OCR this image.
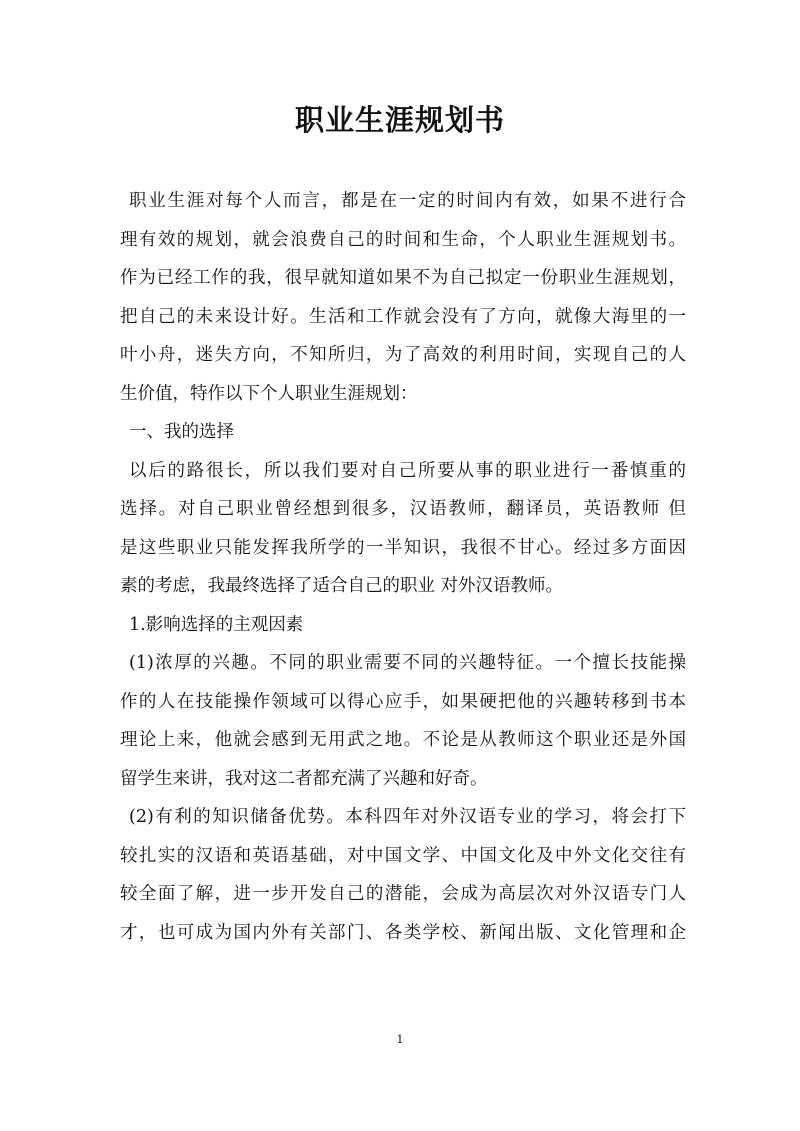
职业生涯规划书
职业生涯对每个人而言，都是在一定的时间内有效，如果不进行合
理有效的规划，就会浪费自己的时间和生命，个人职业生涯规划书。
作为已经工作的我，很早就知道如果不为自己拟定一份职业生涯规划，
把自己的未来设计好。生活和工作就会没有了方向，就像大海里的一
叶小舟，迷失方向，不知所归，为了高效的利用时间，实现自己的人
生价值，特作以下个人职业生涯规划：
一、我的选择
以后的路很长，所以我们要对自己所要从事的职业进行一番慎重的
选择。对自己职业曾经想到很多，汉语教师，翻译员，英语教师 但
是这些职业只能发挥我所学的一半知识，我很不甘心。经过多方面因
素的考虑，我最终选择了适合自己的职业 对外汉语教师。
1.影响选择的主观因素
(1)浓厚的兴趣。不同的职业需要不同的兴趣特征。一个擅长技能操
作的人在技能操作领域可以得心应手，如果硬把他的兴趣转移到书本
理论上来，他就会感到无用武之地。不论是从教师这个职业还是外国
留学生来讲，我对这二者都充满了兴趣和好奇。
(2)有利的知识储备优势。本科四年对外汉语专业的学习，将会打下
较扎实的汉语和英语基础，对中国文学、中国文化及中外文化交往有
较全面了解，进一步开发自己的潜能，会成为高层次对外汉语专门人
才，也可成为国内外有关部门、各类学校、新闻出版、文化管理和企
1
